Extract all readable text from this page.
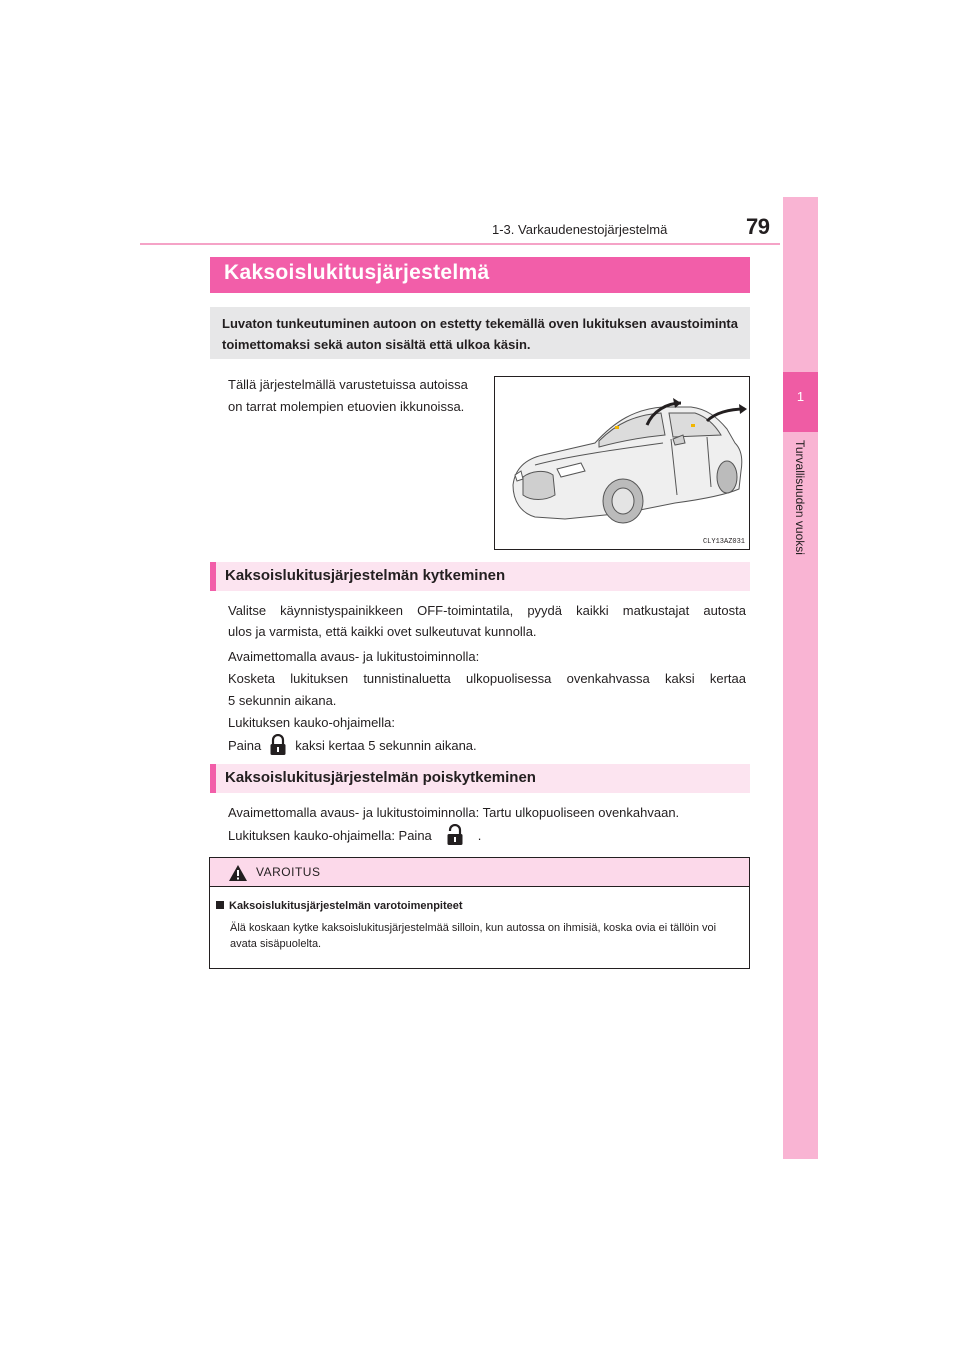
1-3. Varkaudenestojärjestelmä	79
1
Turvallisuuden vuoksi
Kaksoislukitusjärjestelmä
Luvaton tunkeutuminen autoon on estetty tekemällä oven lukituksen avaustoiminta toimettomaksi sekä auton sisältä että ulkoa käsin.
Tällä järjestelmällä varustetuissa autoissa
on tarrat molempien etuovien ikkunoissa.
CLY13AZ031
Kaksoislukitusjärjestelmän kytkeminen
Valitse käynnistyspainikkeen OFF-toimintatila, pyydä kaikki matkustajat autosta
ulos ja varmista, että kaikki ovet sulkeutuvat kunnolla.
Avaimettomalla avaus- ja lukitustoiminnolla:
Kosketa lukituksen tunnistinaluetta ulkopuolisessa ovenkahvassa kaksi kertaa
5 sekunnin aikana.
Lukituksen kauko-ohjaimella:
Paina	kaksi kertaa 5 sekunnin aikana.
Kaksoislukitusjärjestelmän poiskytkeminen
Avaimettomalla avaus- ja lukitustoiminnolla: Tartu ulkopuoliseen ovenkahvaan.
Lukituksen kauko-ohjaimella: Paina	.
VAROITUS
Kaksoislukitusjärjestelmän varotoimenpiteet
Älä koskaan kytke kaksoislukitusjärjestelmää silloin, kun autossa on ihmisiä, koska ovia ei tällöin voi avata sisäpuolelta.
